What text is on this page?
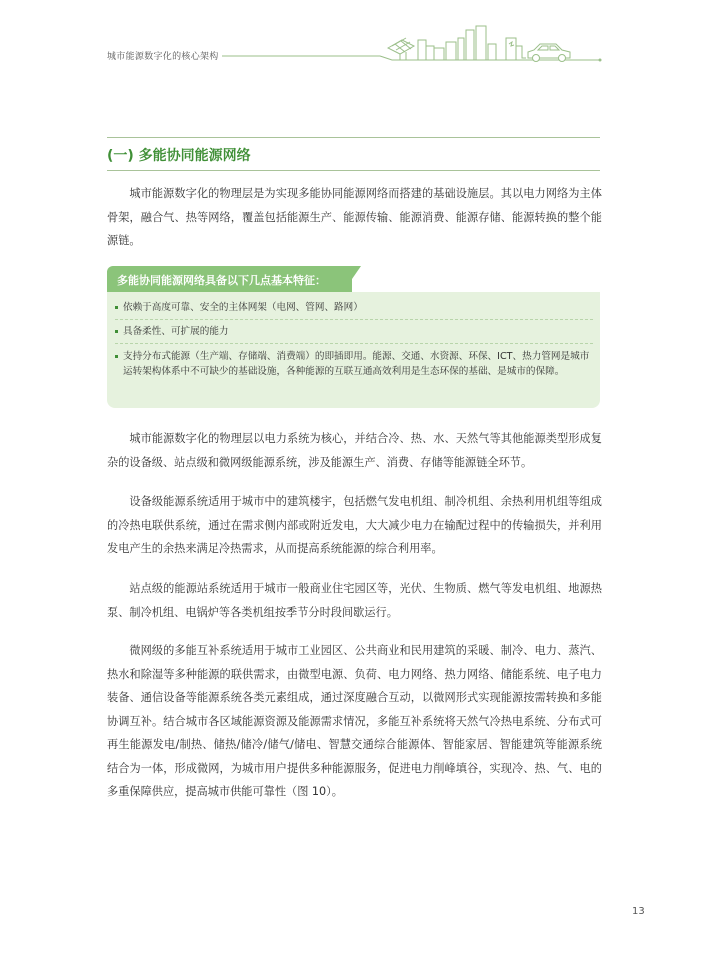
城市能源数字化的核心架构
(一) 多能协同能源网络

城市能源数字化的物理层是为实现多能协同能源网络而搭建的基础设施层。其以电力网络为主体骨架，融合气、热等网络，覆盖包括能源生产、能源传输、能源消费、能源存储、能源转换的整个能源链。

多能协同能源网络具备以下几点基本特征：
依赖于高度可靠、安全的主体网架（电网、管网、路网）
具备柔性、可扩展的能力
支持分布式能源（生产端、存储端、消费端）的即插即用。能源、交通、水资源、环保、ICT、热力管网是城市运转架构体系中不可缺少的基础设施，各种能源的互联互通高效利用是生态环保的基础、是城市的保障。

城市能源数字化的物理层以电力系统为核心，并结合冷、热、水、天然气等其他能源类型形成复杂的设备级、站点级和微网级能源系统，涉及能源生产、消费、存储等能源链全环节。

设备级能源系统适用于城市中的建筑楼宇，包括燃气发电机组、制冷机组、余热利用机组等组成的冷热电联供系统，通过在需求侧内部或附近发电，大大减少电力在输配过程中的传输损失，并利用发电产生的余热来满足冷热需求，从而提高系统能源的综合利用率。

站点级的能源站系统适用于城市一般商业住宅园区等，光伏、生物质、燃气等发电机组、地源热泵、制冷机组、电锅炉等各类机组按季节分时段间歇运行。

微网级的多能互补系统适用于城市工业园区、公共商业和民用建筑的采暖、制冷、电力、蒸汽、热水和除湿等多种能源的联供需求，由微型电源、负荷、电力网络、热力网络、储能系统、电子电力装备、通信设备等能源系统各类元素组成，通过深度融合互动，以微网形式实现能源按需转换和多能协调互补。结合城市各区域能源资源及能源需求情况，多能互补系统将天然气冷热电系统、分布式可再生能源发电/制热、储热/储冷/储气/储电、智慧交通综合能源体、智能家居、智能建筑等能源系统结合为一体，形成微网，为城市用户提供多种能源服务，促进电力削峰填谷，实现冷、热、气、电的多重保障供应，提高城市供能可靠性（图 10）。

13
